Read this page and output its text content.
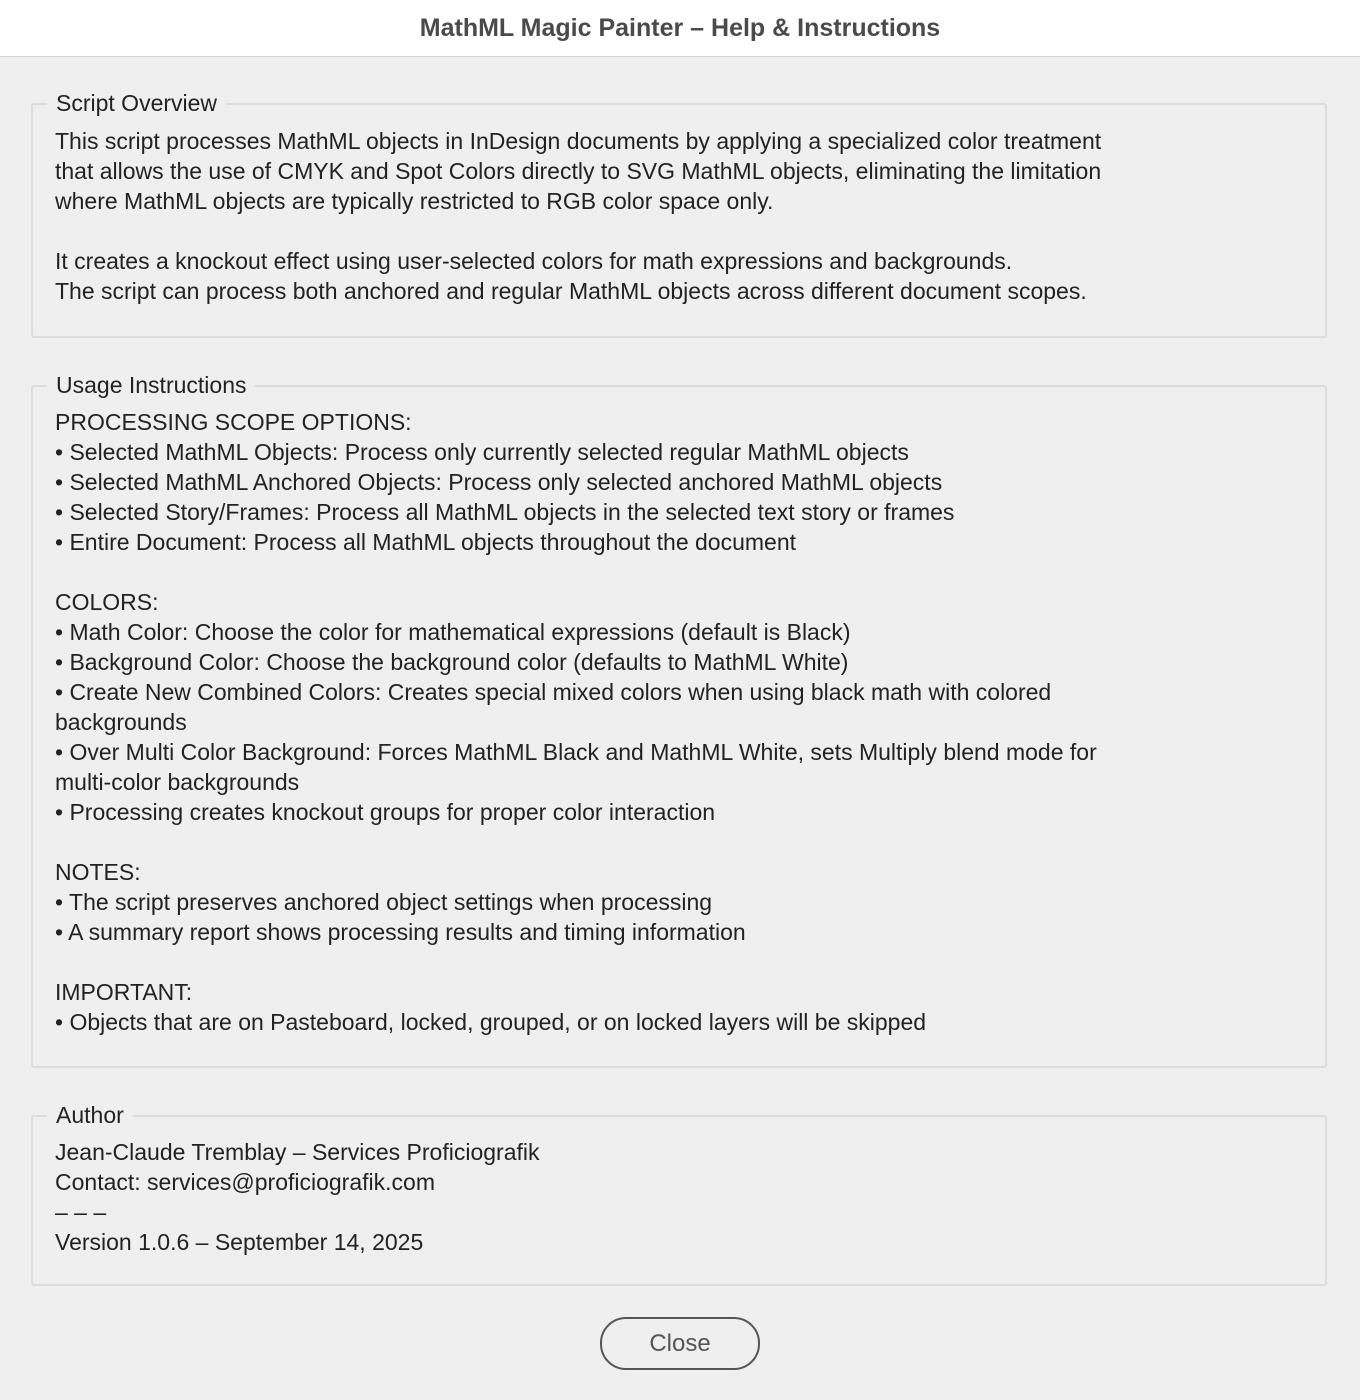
MathML Magic Painter – Help & Instructions
Script Overview
This script processes MathML objects in InDesign documents by applying a specialized color treatment
that allows the use of CMYK and Spot Colors directly to SVG MathML objects, eliminating the limitation
where MathML objects are typically restricted to RGB color space only.
It creates a knockout effect using user-selected colors for math expressions and backgrounds.
The script can process both anchored and regular MathML objects across different document scopes.
Usage Instructions
PROCESSING SCOPE OPTIONS:
• Selected MathML Objects: Process only currently selected regular MathML objects
• Selected MathML Anchored Objects: Process only selected anchored MathML objects
• Selected Story/Frames: Process all MathML objects in the selected text story or frames
• Entire Document: Process all MathML objects throughout the document
COLORS:
• Math Color: Choose the color for mathematical expressions (default is Black)
• Background Color: Choose the background color (defaults to MathML White)
• Create New Combined Colors: Creates special mixed colors when using black math with colored
backgrounds
• Over Multi Color Background: Forces MathML Black and MathML White, sets Multiply blend mode for
multi-color backgrounds
• Processing creates knockout groups for proper color interaction
NOTES:
• The script preserves anchored object settings when processing
• A summary report shows processing results and timing information
IMPORTANT:
• Objects that are on Pasteboard, locked, grouped, or on locked layers will be skipped
Author
Jean-Claude Tremblay – Services Proficiografik
Contact: services@proficiografik.com
– – –
Version 1.0.6 – September 14, 2025
Close
